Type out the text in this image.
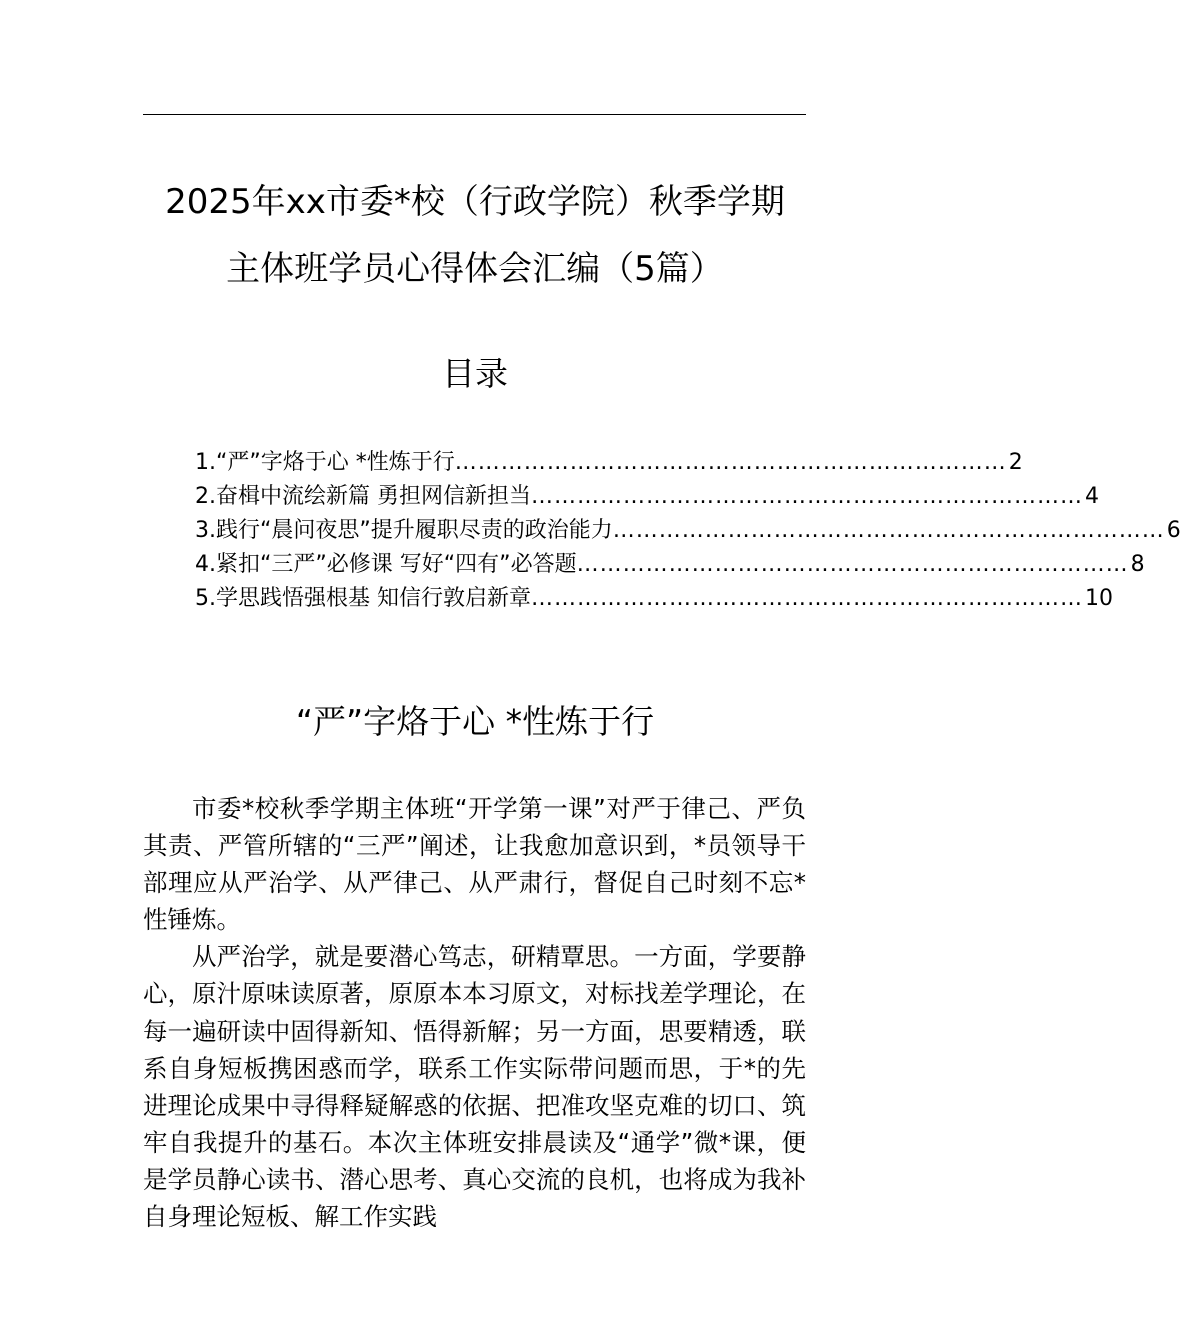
2025年xx市委*校（行政学院）秋季学期
主体班学员心得体会汇编（5篇）
目录
1.“严”字烙于心 *性炼于行 ……………………………………………………………… 2
2.奋楫中流绘新篇 勇担网信新担当 ……………………………………………………………… 4
3.践行“晨问夜思”提升履职尽责的政治能力 ……………………………………………………………… 6
4.紧扣“三严”必修课 写好“四有”必答题 ……………………………………………………………… 8
5.学思践悟强根基 知信行敦启新章 ……………………………………………………………… 10
“严”字烙于心 *性炼于行

市委*校秋季学期主体班“开学第一课”对严于律己、严负其责、严管所辖的“三严”阐述，让我愈加意识到，*员领导干部理应从严治学、从严律己、从严肃行，督促自己时刻不忘*性锤炼。

从严治学，就是要潜心笃志，研精覃思。一方面，学要静心，原汁原味读原著，原原本本习原文，对标找差学理论，在每一遍研读中固得新知、悟得新解；另一方面，思要精透，联系自身短板携困惑而学，联系工作实际带问题而思，于*的先进理论成果中寻得释疑解惑的依据、把准攻坚克难的切口、筑牢自我提升的基石。本次主体班安排晨读及“通学”微*课，便是学员静心读书、潜心思考、真心交流的良机，也将成为我补自身理论短板、解工作实践
